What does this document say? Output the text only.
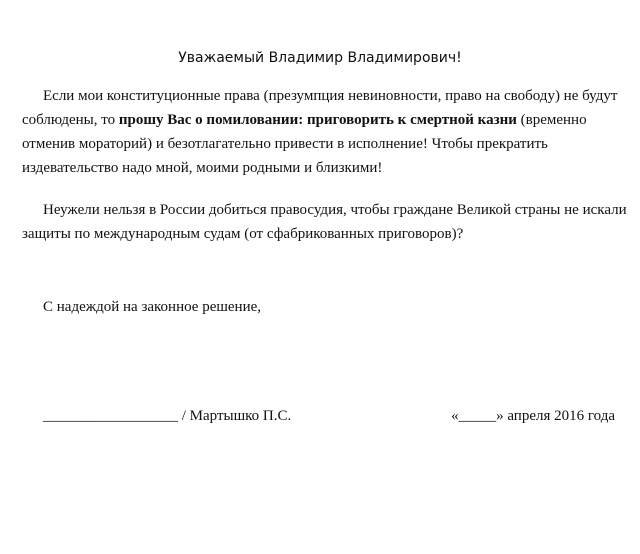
Уважаемый Владимир Владимирович!

Если мои конституционные права (презумпция невиновности, право на свободу) не будут
соблюдены, то прошу Вас о помиловании: приговорить к смертной казни (временно
отменив мораторий) и безотлагательно привести в исполнение! Чтобы прекратить
издевательство надо мной, моими родными и близкими!

Неужели нельзя в России добиться правосудия, чтобы граждане Великой страны не искали
защиты по международным судам (от сфабрикованных приговоров)?

С надеждой на законное решение,
__________________ / Мартышко П.С.	«_____» апреля 2016 года
